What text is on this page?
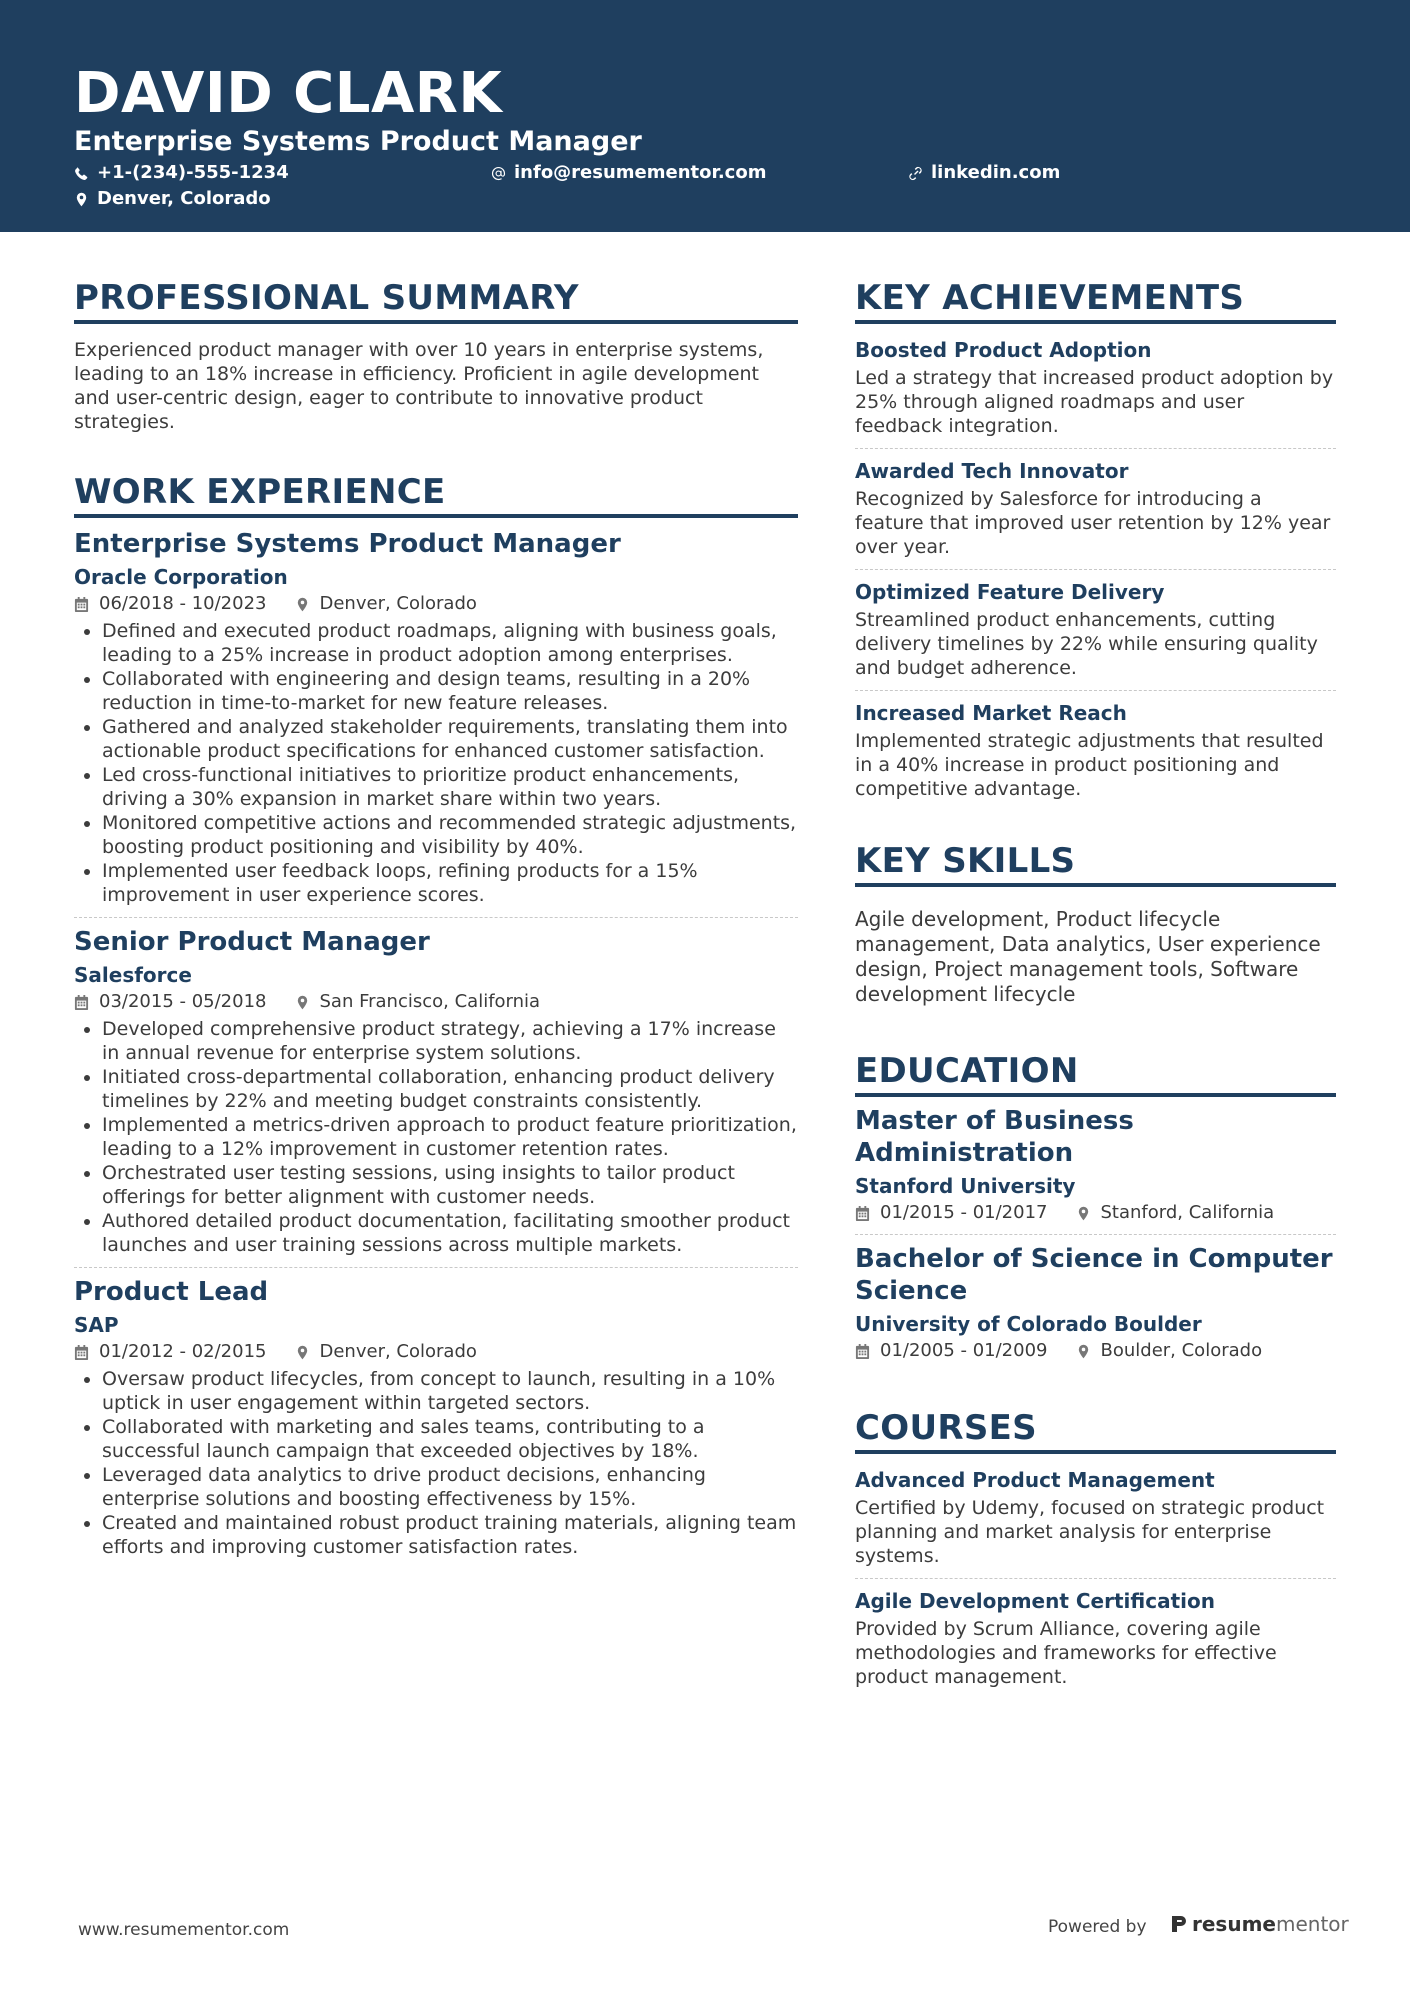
DAVID CLARK
Enterprise Systems Product Manager
+1-(234)-555-1234	info@resumementor.com	linkedin.com
Denver, Colorado
PROFESSIONAL SUMMARY
Experienced product manager with over 10 years in enterprise systems, leading to an 18% increase in efficiency. Proficient in agile development and user-centric design, eager to contribute to innovative product strategies.
WORK EXPERIENCE
Enterprise Systems Product Manager
Oracle Corporation
06/2018 - 10/2023	Denver, Colorado
• Defined and executed product roadmaps, aligning with business goals, leading to a 25% increase in product adoption among enterprises.
• Collaborated with engineering and design teams, resulting in a 20% reduction in time-to-market for new feature releases.
• Gathered and analyzed stakeholder requirements, translating them into actionable product specifications for enhanced customer satisfaction.
• Led cross-functional initiatives to prioritize product enhancements, driving a 30% expansion in market share within two years.
• Monitored competitive actions and recommended strategic adjustments, boosting product positioning and visibility by 40%.
• Implemented user feedback loops, refining products for a 15% improvement in user experience scores.
Senior Product Manager
Salesforce
03/2015 - 05/2018	San Francisco, California
• Developed comprehensive product strategy, achieving a 17% increase in annual revenue for enterprise system solutions.
• Initiated cross-departmental collaboration, enhancing product delivery timelines by 22% and meeting budget constraints consistently.
• Implemented a metrics-driven approach to product feature prioritization, leading to a 12% improvement in customer retention rates.
• Orchestrated user testing sessions, using insights to tailor product offerings for better alignment with customer needs.
• Authored detailed product documentation, facilitating smoother product launches and user training sessions across multiple markets.
Product Lead
SAP
01/2012 - 02/2015	Denver, Colorado
• Oversaw product lifecycles, from concept to launch, resulting in a 10% uptick in user engagement within targeted sectors.
• Collaborated with marketing and sales teams, contributing to a successful launch campaign that exceeded objectives by 18%.
• Leveraged data analytics to drive product decisions, enhancing enterprise solutions and boosting effectiveness by 15%.
• Created and maintained robust product training materials, aligning team efforts and improving customer satisfaction rates.
KEY ACHIEVEMENTS
Boosted Product Adoption
Led a strategy that increased product adoption by 25% through aligned roadmaps and user feedback integration.
Awarded Tech Innovator
Recognized by Salesforce for introducing a feature that improved user retention by 12% year over year.
Optimized Feature Delivery
Streamlined product enhancements, cutting delivery timelines by 22% while ensuring quality and budget adherence.
Increased Market Reach
Implemented strategic adjustments that resulted in a 40% increase in product positioning and competitive advantage.
KEY SKILLS
Agile development, Product lifecycle management, Data analytics, User experience design, Project management tools, Software development lifecycle
EDUCATION
Master of Business Administration
Stanford University
01/2015 - 01/2017	Stanford, California
Bachelor of Science in Computer Science
University of Colorado Boulder
01/2005 - 01/2009	Boulder, Colorado
COURSES
Advanced Product Management
Certified by Udemy, focused on strategic product planning and market analysis for enterprise systems.
Agile Development Certification
Provided by Scrum Alliance, covering agile methodologies and frameworks for effective product management.
www.resumementor.com	Powered by resumementor
